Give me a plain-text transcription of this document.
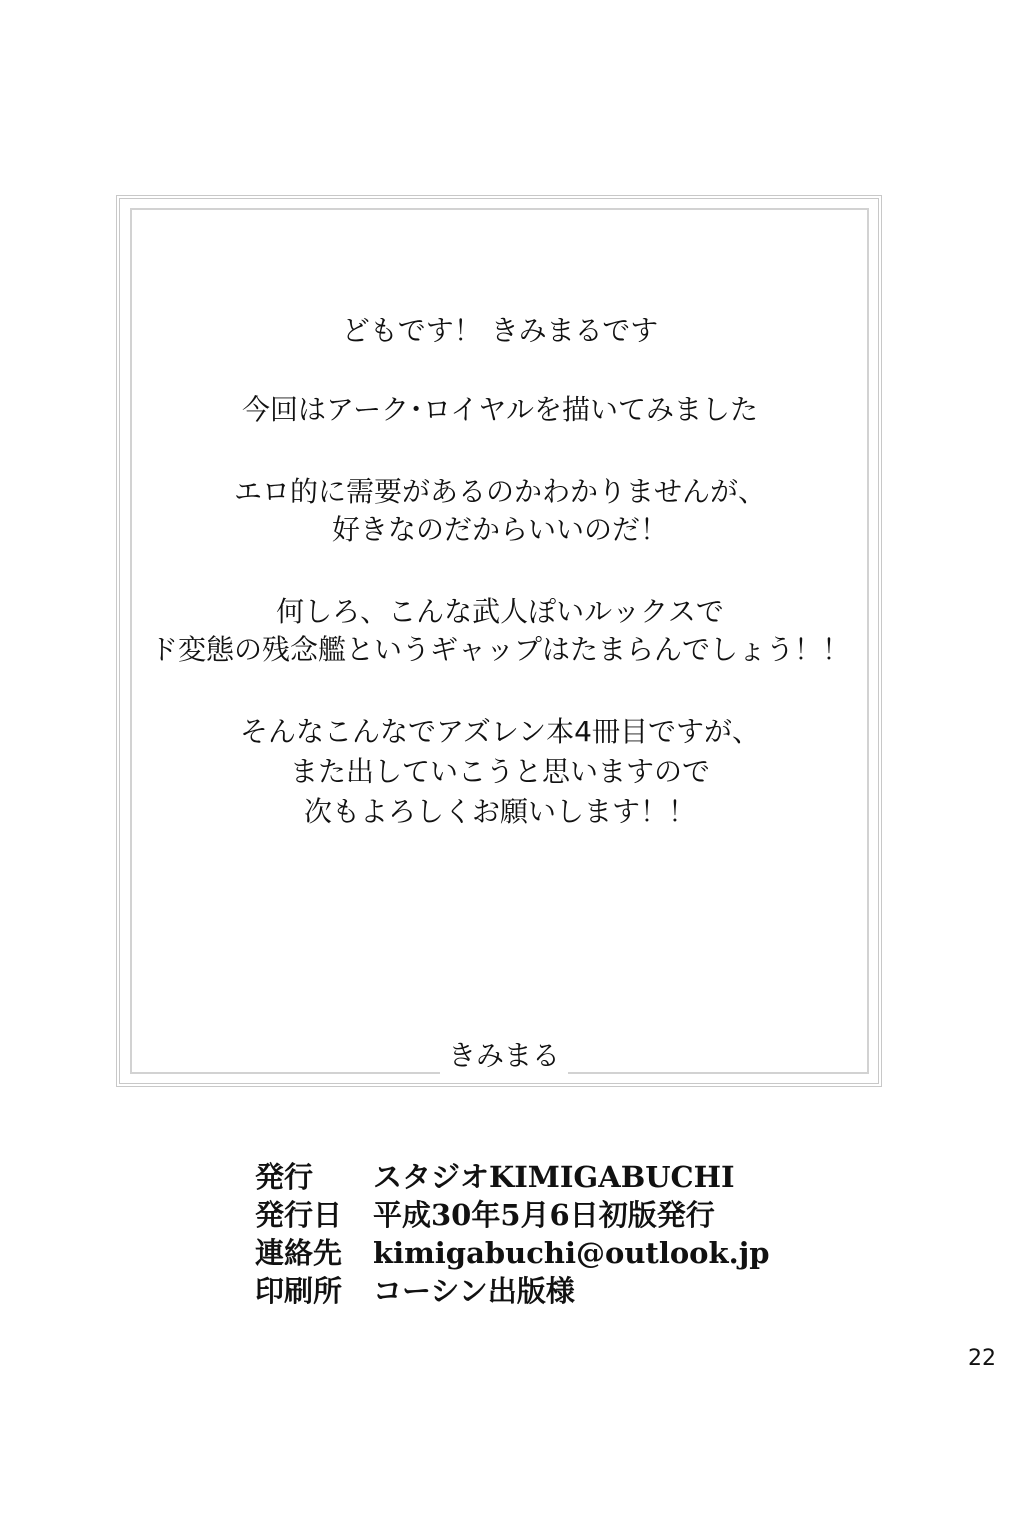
どもです！ きみまるです
今回はアーク･ロイヤルを描いてみました
エロ的に需要があるのかわかりませんが、
好きなのだからいいのだ！
何しろ、こんな武人ぽいルックスで
ド変態の残念艦というギャップはたまらんでしょう！！
そんなこんなでアズレン本4冊目ですが、
また出していこうと思いますので
次もよろしくお願いします！！
きみまる
発行	スタジオKIMIGABUCHI
発行日	平成30年5月6日初版発行
連絡先	kimigabuchi@outlook.jp
印刷所	コーシン出版様
22
